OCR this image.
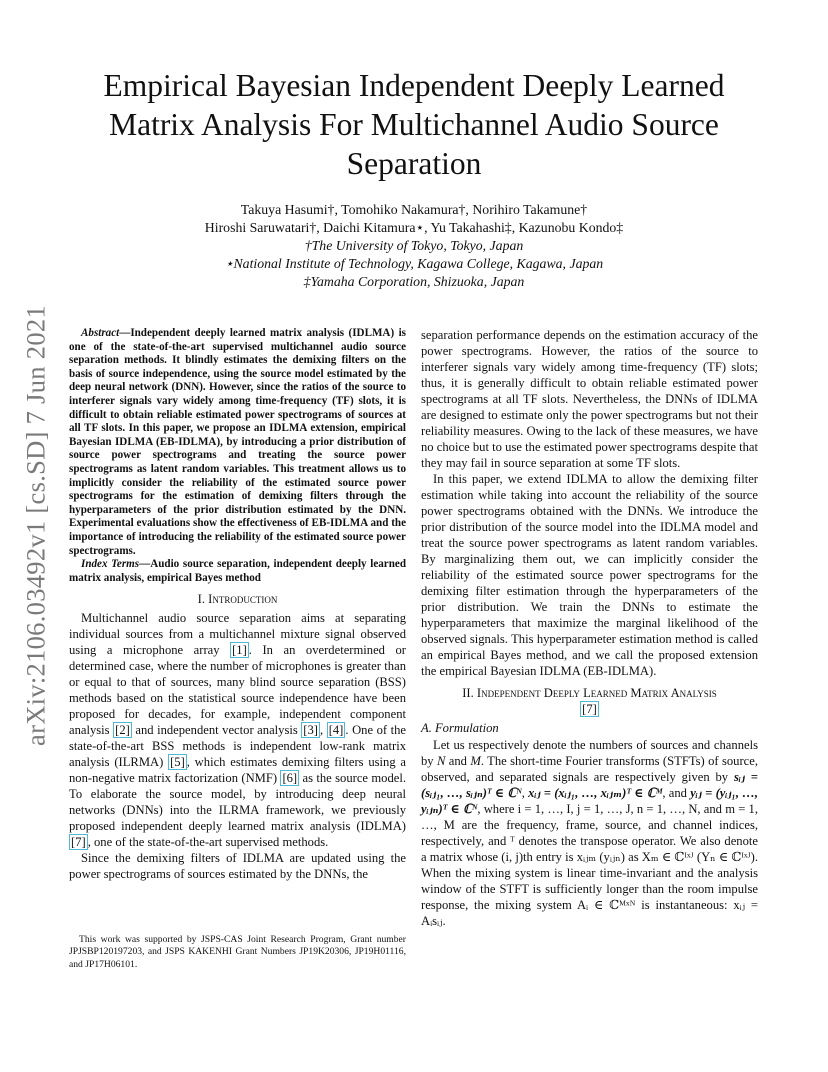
arXiv:2106.03492v1 [cs.SD] 7 Jun 2021
Empirical Bayesian Independent Deeply Learned Matrix Analysis For Multichannel Audio Source Separation
Takuya Hasumi†, Tomohiko Nakamura†, Norihiro Takamune†
Hiroshi Saruwatari†, Daichi Kitamura⋆, Yu Takahashi‡, Kazunobu Kondo‡
†The University of Tokyo, Tokyo, Japan
⋆National Institute of Technology, Kagawa College, Kagawa, Japan
‡Yamaha Corporation, Shizuoka, Japan

Abstract—Independent deeply learned matrix analysis (IDLMA) is one of the state-of-the-art supervised multichannel audio source separation methods. It blindly estimates the demixing filters on the basis of source independence, using the source model estimated by the deep neural network (DNN). However, since the ratios of the source to interferer signals vary widely among time-frequency (TF) slots, it is difficult to obtain reliable estimated power spectrograms of sources at all TF slots. In this paper, we propose an IDLMA extension, empirical Bayesian IDLMA (EB-IDLMA), by introducing a prior distribution of source power spectrograms and treating the source power spectrograms as latent random variables. This treatment allows us to implicitly consider the reliability of the estimated source power spectrograms for the estimation of demixing filters through the hyperparameters of the prior distribution estimated by the DNN. Experimental evaluations show the effectiveness of EB-IDLMA and the importance of introducing the reliability of the estimated source power spectrograms.

Index Terms—Audio source separation, independent deeply learned matrix analysis, empirical Bayes method

I. Introduction

Multichannel audio source separation aims at separating individual sources from a multichannel mixture signal observed using a microphone array [1] . In an overdetermined or determined case, where the number of microphones is greater than or equal to that of sources, many blind source separation (BSS) methods based on the statistical source independence have been proposed for decades, for example, independent component analysis [2] and independent vector analysis [3] , [4] . One of the state-of-the-art BSS methods is independent low-rank matrix analysis (ILRMA) [5] , which estimates demixing filters using a non-negative matrix factorization (NMF) [6] as the source model. To elaborate the source model, by introducing deep neural networks (DNNs) into the ILRMA framework, we previously proposed independent deeply learned matrix analysis (IDLMA) [7] , one of the state-of-the-art supervised methods.

Since the demixing filters of IDLMA are updated using the power spectrograms of sources estimated by the DNNs, the

This work was supported by JSPS-CAS Joint Research Program, Grant number JPJSBP120197203, and JSPS KAKENHI Grant Numbers JP19K20306, JP19H01116, and JP17H06101.

separation performance depends on the estimation accuracy of the power spectrograms. However, the ratios of the source to interferer signals vary widely among time-frequency (TF) slots; thus, it is generally difficult to obtain reliable estimated power spectrograms at all TF slots. Nevertheless, the DNNs of IDLMA are designed to estimate only the power spectrograms but not their reliability measures. Owing to the lack of these measures, we have no choice but to use the estimated power spectrograms despite that they may fail in source separation at some TF slots.

In this paper, we extend IDLMA to allow the demixing filter estimation while taking into account the reliability of the source power spectrograms obtained with the DNNs. We introduce the prior distribution of the source model into the IDLMA model and treat the source power spectrograms as latent random variables. By marginalizing them out, we can implicitly consider the reliability of the estimated source power spectrograms for the demixing filter estimation through the hyperparameters of the prior distribution. We train the DNNs to estimate the hyperparameters that maximize the marginal likelihood of the observed signals. This hyperparameter estimation method is called an empirical Bayes method, and we call the proposed extension the empirical Bayesian IDLMA (EB-IDLMA).

II. Independent Deeply Learned Matrix Analysis
[7]
A. Formulation

Let us respectively denote the numbers of sources and channels by N and M. The short-time Fourier transforms (STFTs) of source, observed, and separated signals are respectively given by sᵢⱼ = (sᵢⱼ₁, …, sᵢⱼₙ)ᵀ ∈ ℂᴺ, xᵢⱼ = (xᵢⱼ₁, …, xᵢⱼₘ)ᵀ ∈ ℂᴹ, and yᵢⱼ = (yᵢⱼ₁, …, yᵢⱼₙ)ᵀ ∈ ℂᴺ, where i = 1, …, I, j = 1, …, J, n = 1, …, N, and m = 1, …, M are the frequency, frame, source, and channel indices, respectively, and ᵀ denotes the transpose operator. We also denote a matrix whose (i, j)th entry is xᵢⱼₘ (yᵢⱼₙ) as Xₘ ∈ ℂᴵˣᴶ (Yₙ ∈ ℂᴵˣᴶ). When the mixing system is linear time-invariant and the analysis window of the STFT is sufficiently longer than the room impulse response, the mixing system Aᵢ ∈ ℂᴹˣᴺ is instantaneous: xᵢⱼ = Aᵢsᵢⱼ.
